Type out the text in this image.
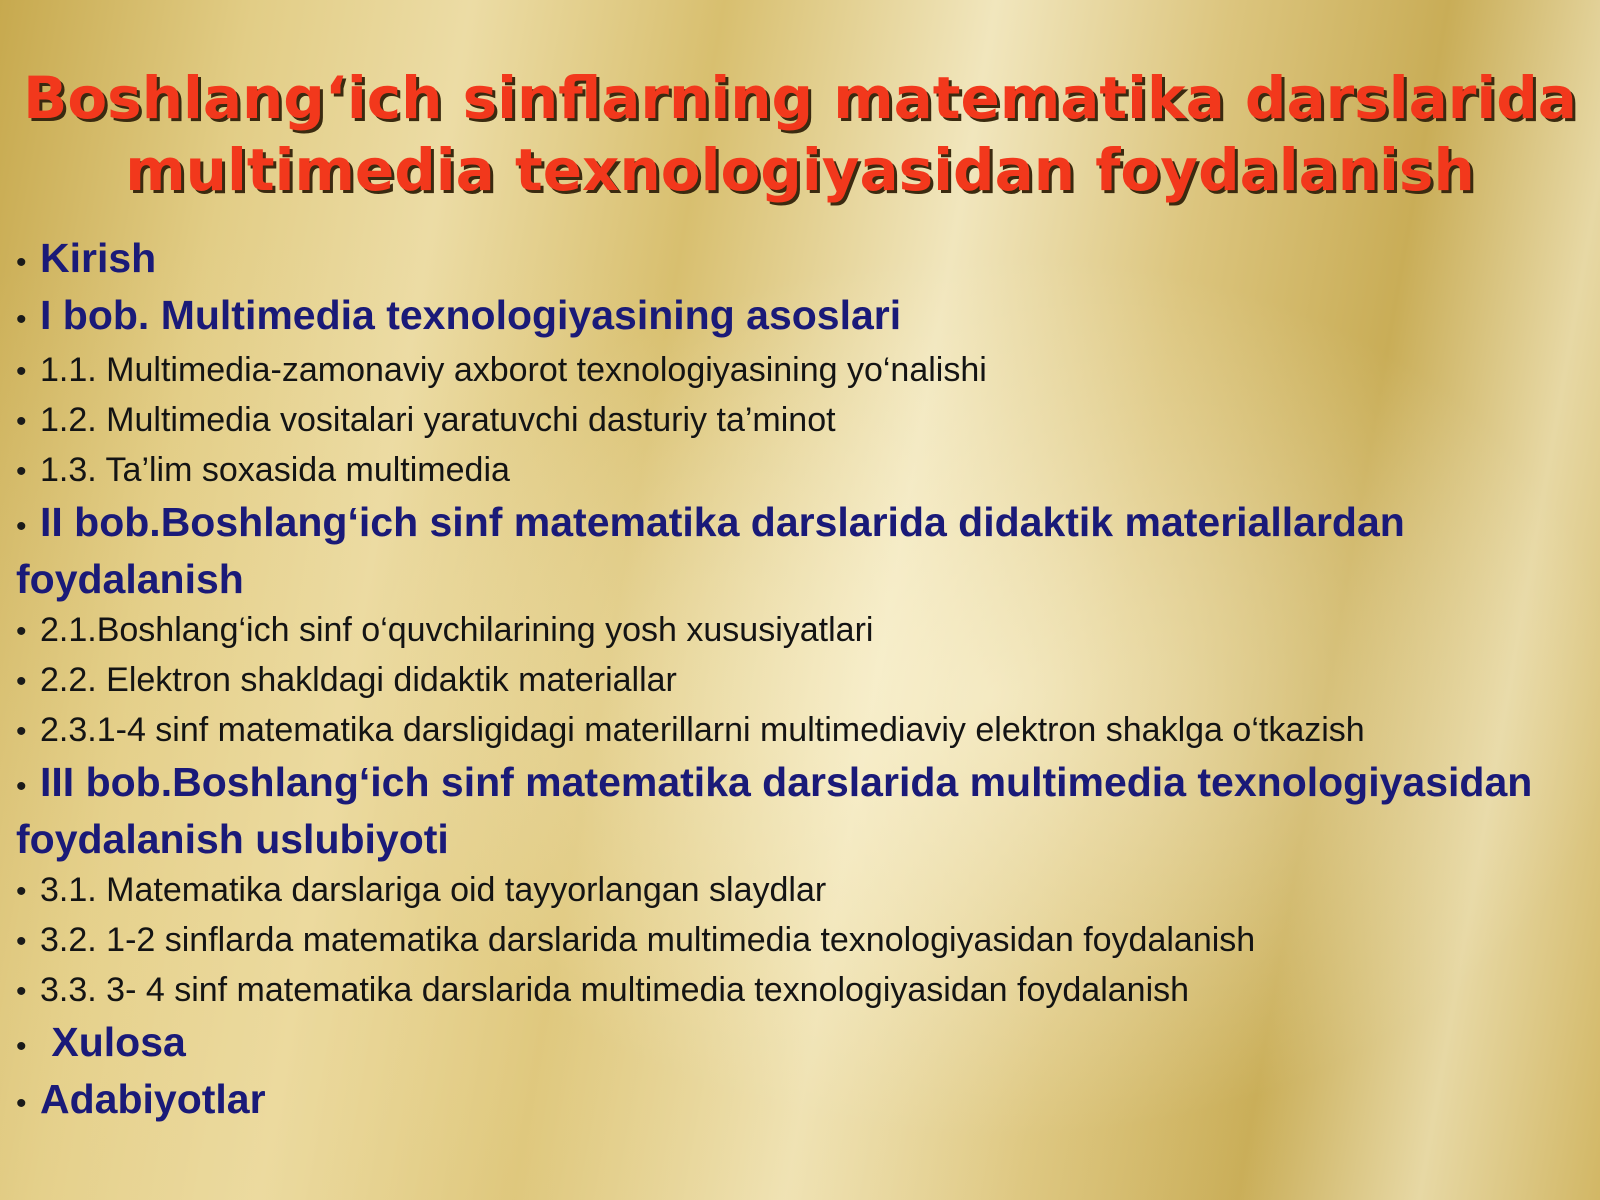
Boshlang‘ich sinflarning matematika darslarida
multimedia texnologiyasidan foydalanish
• Kirish
• I bob. Multimedia texnologiyasining asoslari
• 1.1. Multimedia-zamonaviy axborot texnologiyasining yo‘nalishi
• 1.2. Multimedia vositalari yaratuvchi dasturiy ta’minot
• 1.3. Ta’lim soxasida multimedia
• II bob.Boshlang‘ich sinf matematika darslarida didaktik materiallardan foydalanish
• 2.1.Boshlang‘ich sinf o‘quvchilarining yosh xususiyatlari
• 2.2. Elektron shakldagi didaktik materiallar
• 2.3.1-4 sinf matematika darsligidagi materillarni multimediaviy elektron shaklga o‘tkazish
• III bob.Boshlang‘ich sinf matematika darslarida multimedia texnologiyasidan foydalanish uslubiyoti
• 3.1. Matematika darslariga oid tayyorlangan slaydlar
• 3.2. 1-2 sinflarda matematika darslarida multimedia texnologiyasidan foydalanish
• 3.3. 3- 4 sinf matematika darslarida multimedia texnologiyasidan foydalanish
• Xulosa
• Adabiyotlar
